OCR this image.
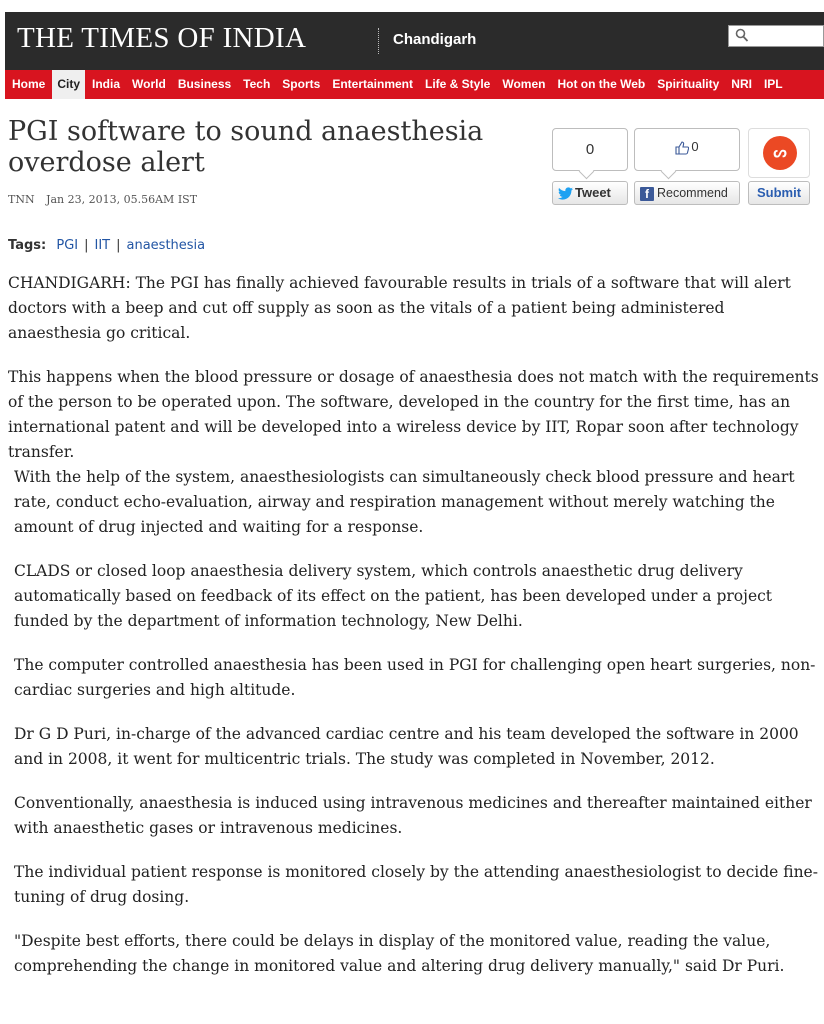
THE TIMES OF INDIA	Chandigarh
Home City India World Business Tech Sports Entertainment Life & Style Women Hot on the Web Spirituality NRI IPL
PGI software to sound anaesthesia
overdose alert
TNN Jan 23, 2013, 05.56AM IST
0	0	ᔕ
Tweet	f Recommend	Submit
Tags: PGI | IIT | anaesthesia

CHANDIGARH: The PGI has finally achieved favourable results in trials of a software that will alert doctors with a beep and cut off supply as soon as the vitals of a patient being administered anaesthesia go critical.

This happens when the blood pressure or dosage of anaesthesia does not match with the requirements of the person to be operated upon. The software, developed in the country for the first time, has an international patent and will be developed into a wireless device by IIT, Ropar soon after technology transfer.

With the help of the system, anaesthesiologists can simultaneously check blood pressure and heart rate, conduct echo-evaluation, airway and respiration management without merely watching the amount of drug injected and waiting for a response.

CLADS or closed loop anaesthesia delivery system, which controls anaesthetic drug delivery automatically based on feedback of its effect on the patient, has been developed under a project funded by the department of information technology, New Delhi.

The computer controlled anaesthesia has been used in PGI for challenging open heart surgeries, non-cardiac surgeries and high altitude.

Dr G D Puri, in-charge of the advanced cardiac centre and his team developed the software in 2000 and in 2008, it went for multicentric trials. The study was completed in November, 2012.

Conventionally, anaesthesia is induced using intravenous medicines and thereafter maintained either with anaesthetic gases or intravenous medicines.

The individual patient response is monitored closely by the attending anaesthesiologist to decide fine-tuning of drug dosing.

"Despite best efforts, there could be delays in display of the monitored value, reading the value, comprehending the change in monitored value and altering drug delivery manually," said Dr Puri.
